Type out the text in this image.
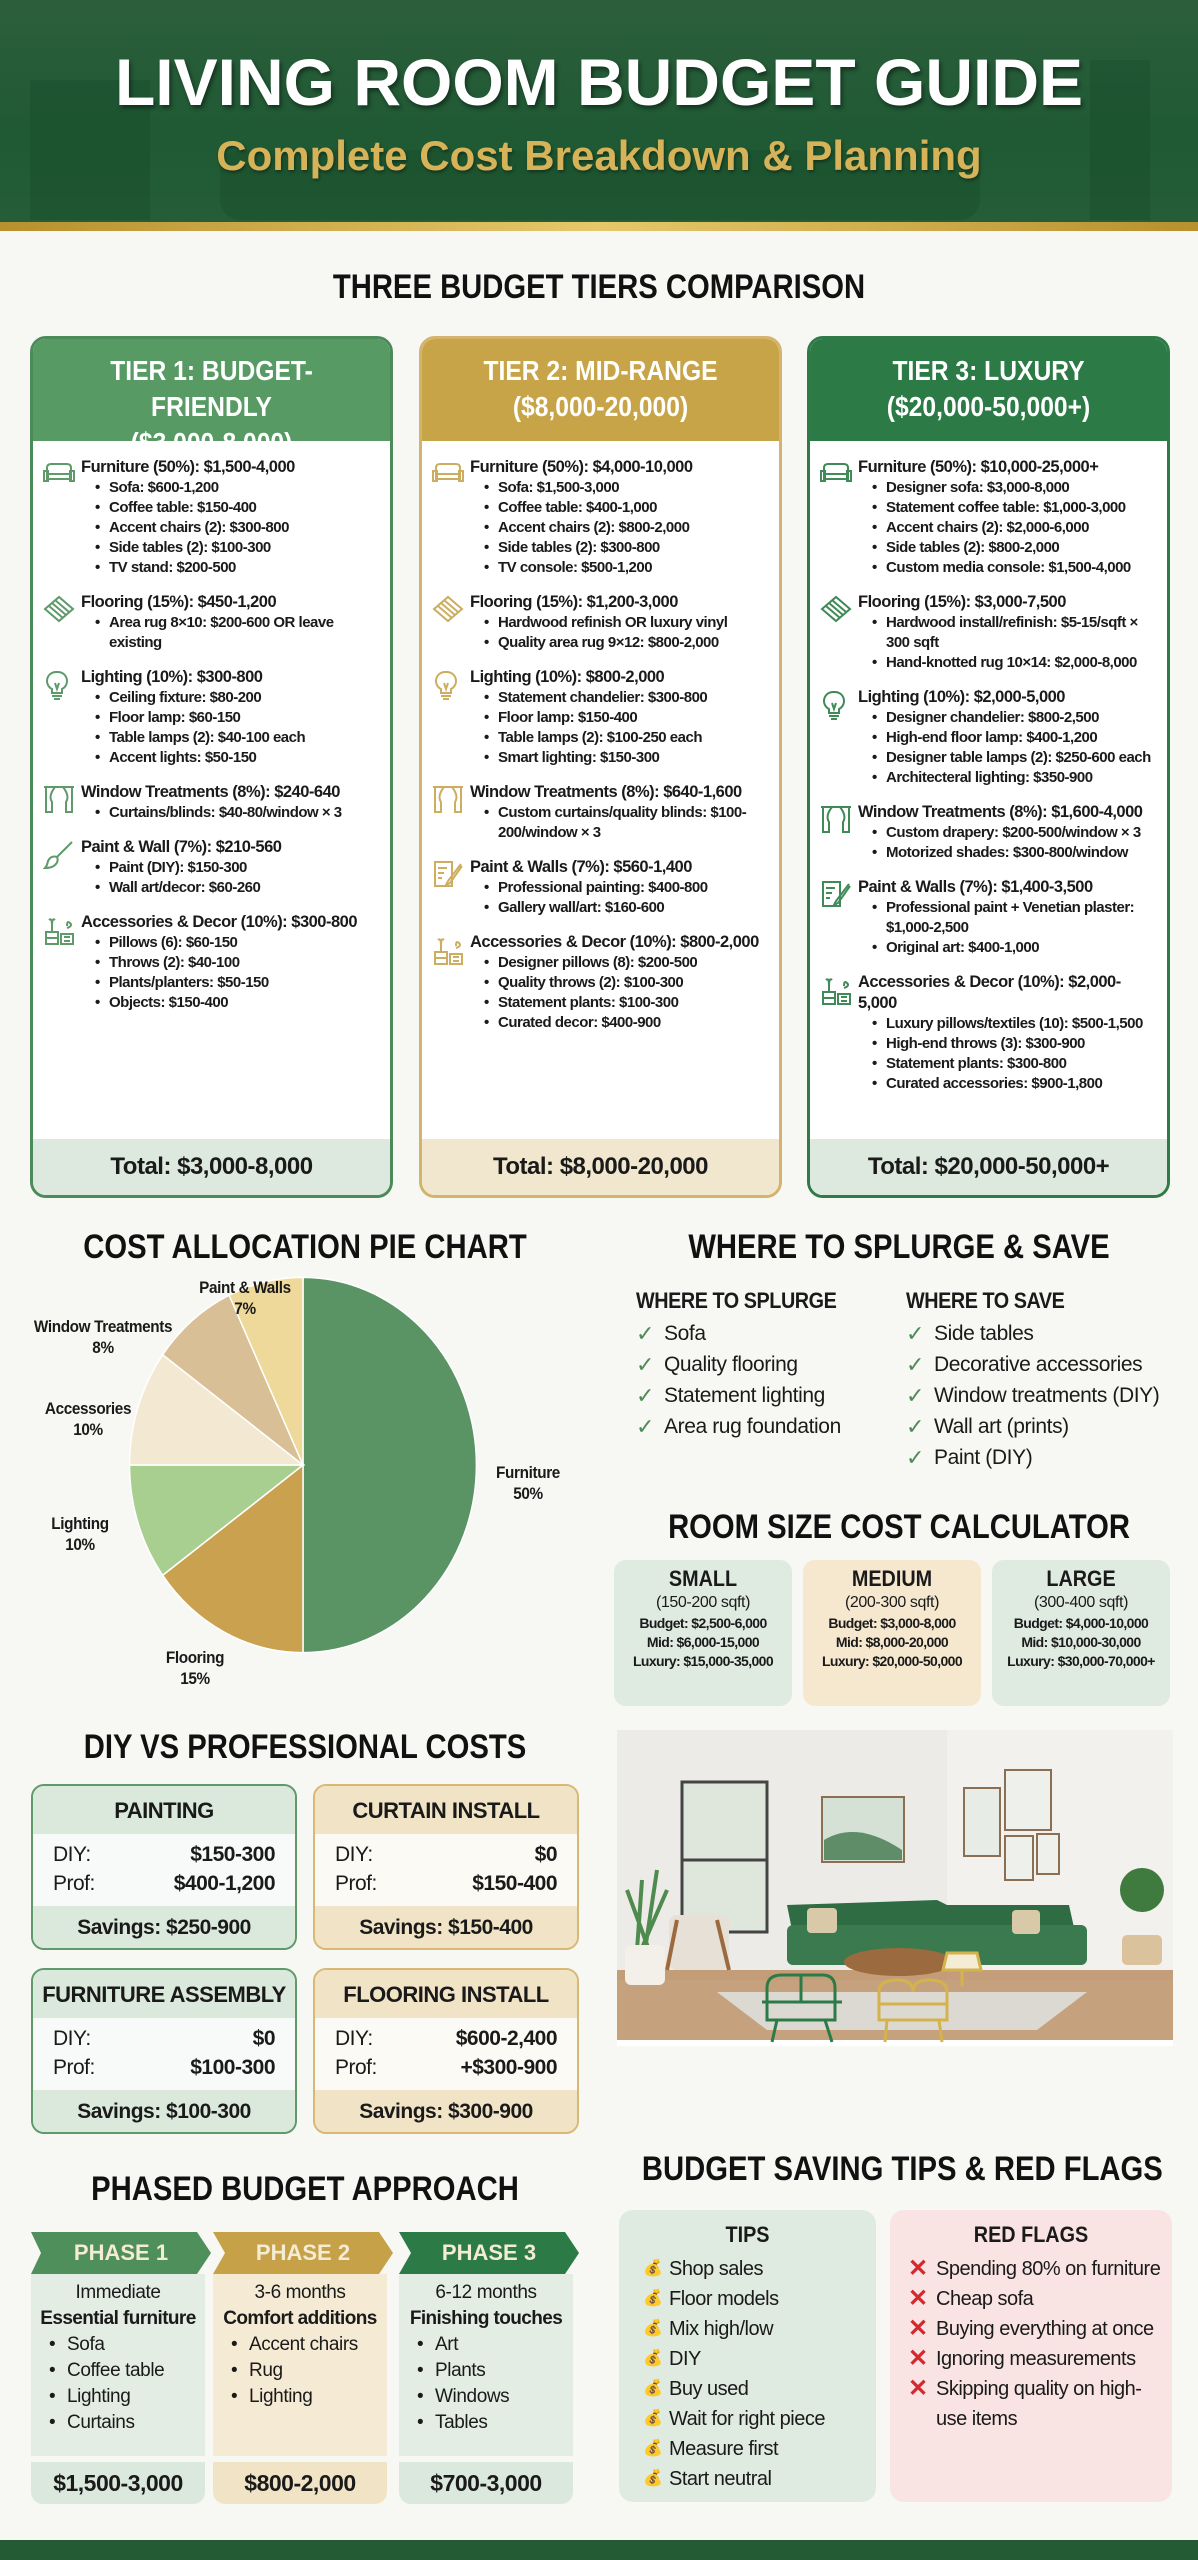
LIVING ROOM BUDGET GUIDE
Complete Cost Breakdown & Planning
THREE BUDGET TIERS COMPARISON
TIER 1: BUDGET-FRIENDLY
($3,000-8,000)
Furniture (50%): $1,500-4,000
• Sofa: $600-1,200
• Coffee table: $150-400
• Accent chairs (2): $300-800
• Side tables (2): $100-300
• TV stand: $200-500
Flooring (15%): $450-1,200
• Area rug 8×10: $200-600 OR leave existing
Lighting (10%): $300-800
• Ceiling fixture: $80-200
• Floor lamp: $60-150
• Table lamps (2): $40-100 each
• Accent lights: $50-150
Window Treatments (8%): $240-640
• Curtains/blinds: $40-80/window × 3
Paint & Wall (7%): $210-560
• Paint (DIY): $150-300
• Wall art/decor: $60-260
Accessories & Decor (10%): $300-800
• Pillows (6): $60-150
• Throws (2): $40-100
• Plants/planters: $50-150
• Objects: $150-400
Total: $3,000-8,000
TIER 2: MID-RANGE
($8,000-20,000)
Furniture (50%): $4,000-10,000
• Sofa: $1,500-3,000
• Coffee table: $400-1,000
• Accent chairs (2): $800-2,000
• Side tables (2): $300-800
• TV console: $500-1,200
Flooring (15%): $1,200-3,000
• Hardwood refinish OR luxury vinyl
• Quality area rug 9×12: $800-2,000
Lighting (10%): $800-2,000
• Statement chandelier: $300-800
• Floor lamp: $150-400
• Table lamps (2): $100-250 each
• Smart lighting: $150-300
Window Treatments (8%): $640-1,600
• Custom curtains/quality blinds: $100-200/window × 3
Paint & Walls (7%): $560-1,400
• Professional painting: $400-800
• Gallery wall/art: $160-600
Accessories & Decor (10%): $800-2,000
• Designer pillows (8): $200-500
• Quality throws (2): $100-300
• Statement plants: $100-300
• Curated decor: $400-900
Total: $8,000-20,000
TIER 3: LUXURY
($20,000-50,000+)
Furniture (50%): $10,000-25,000+
• Designer sofa: $3,000-8,000
• Statement coffee table: $1,000-3,000
• Accent chairs (2): $2,000-6,000
• Side tables (2): $800-2,000
• Custom media console: $1,500-4,000
Flooring (15%): $3,000-7,500
• Hardwood install/refinish: $5-15/sqft × 300 sqft
• Hand-knotted rug 10×14: $2,000-8,000
Lighting (10%): $2,000-5,000
• Designer chandelier: $800-2,500
• High-end floor lamp: $400-1,200
• Designer table lamps (2): $250-600 each
• Architecteral lighting: $350-900
Window Treatments (8%): $1,600-4,000
• Custom drapery: $200-500/window × 3
• Motorized shades: $300-800/window
Paint & Walls (7%): $1,400-3,500
• Professional paint + Venetian plaster: $1,000-2,500
• Original art: $400-1,000
Accessories & Decor (10%): $2,000-5,000
• Luxury pillows/textiles (10): $500-1,500
• High-end throws (3): $300-900
• Statement plants: $300-800
• Curated accessories: $900-1,800
Total: $20,000-50,000+
COST ALLOCATION PIE CHART
Paint & Walls
7%
Window Treatments
8%
Accessories
10%
Lighting
10%
Flooring
15%
Furniture
50%
WHERE TO SPLURGE & SAVE
WHERE TO SPLURGE
✓ Sofa
✓ Quality flooring
✓ Statement lighting
✓ Area rug foundation
WHERE TO SAVE
✓ Side tables
✓ Decorative accessories
✓ Window treatments (DIY)
✓ Wall art (prints)
✓ Paint (DIY)
ROOM SIZE COST CALCULATOR
SMALL
(150-200 sqft)
Budget: $2,500-6,000
Mid: $6,000-15,000
Luxury: $15,000-35,000
MEDIUM
(200-300 sqft)
Budget: $3,000-8,000
Mid: $8,000-20,000
Luxury: $20,000-50,000
LARGE
(300-400 sqft)
Budget: $4,000-10,000
Mid: $10,000-30,000
Luxury: $30,000-70,000+
DIY VS PROFESSIONAL COSTS
PAINTING
DIY:	$150-300
Prof:	$400-1,200
Savings: $250-900
CURTAIN INSTALL
DIY:	$0
Prof:	$150-400
Savings: $150-400
FURNITURE ASSEMBLY
DIY:	$0
Prof:	$100-300
Savings: $100-300
FLOORING INSTALL
DIY:	$600-2,400
Prof:	+$300-900
Savings: $300-900
PHASED BUDGET APPROACH
PHASE 1
Immediate
Essential furniture
• Sofa
• Coffee table
• Lighting
• Curtains
$1,500-3,000
PHASE 2
3-6 months
Comfort additions
• Accent chairs
• Rug
• Lighting
$800-2,000
PHASE 3
6-12 months
Finishing touches
• Art
• Plants
• Windows
• Tables
$700-3,000
BUDGET SAVING TIPS & RED FLAGS
TIPS
💰 Shop sales
💰 Floor models
💰 Mix high/low
💰 DIY
💰 Buy used
💰 Wait for right piece
💰 Measure first
💰 Start neutral
RED FLAGS
✕ Spending 80% on furniture
✕ Cheap sofa
✕ Buying everything at once
✕ Ignoring measurements
✕ Skipping quality on high-use items
